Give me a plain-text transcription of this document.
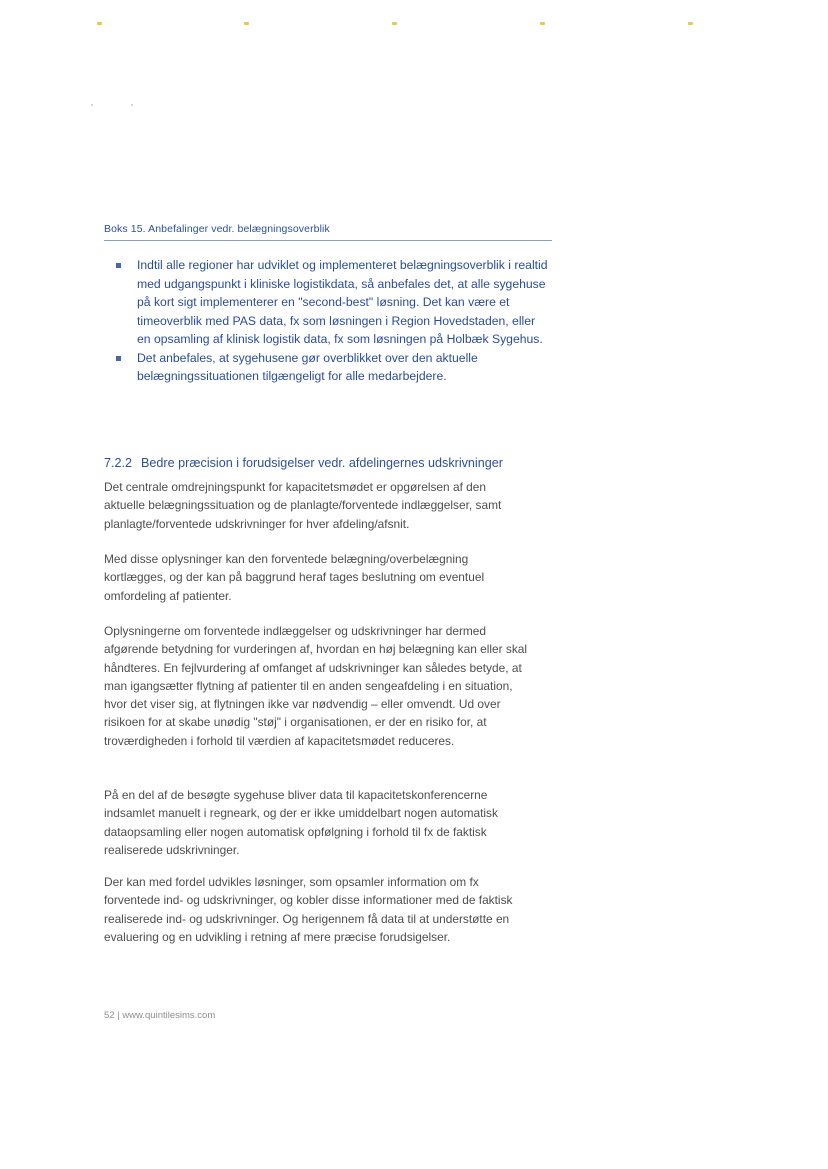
Boks 15. Anbefalinger vedr. belægningsoverblik
Indtil alle regioner har udviklet og implementeret belægningsoverblik i realtid med udgangspunkt i kliniske logistikdata, så anbefales det, at alle sygehuse på kort sigt implementerer en "second-best" løsning. Det kan være et timeoverblik med PAS data, fx som løsningen i Region Hovedstaden, eller en opsamling af klinisk logistik data, fx som løsningen på Holbæk Sygehus.
Det anbefales, at sygehusene gør overblikket over den aktuelle belægningssituationen tilgængeligt for alle medarbejdere.
7.2.2 Bedre præcision i forudsigelser vedr. afdelingernes udskrivninger

Det centrale omdrejningspunkt for kapacitetsmødet er opgørelsen af den aktuelle belægningssituation og de planlagte/forventede indlæggelser, samt planlagte/forventede udskrivninger for hver afdeling/afsnit.

Med disse oplysninger kan den forventede belægning/overbelægning kortlægges, og der kan på baggrund heraf tages beslutning om eventuel omfordeling af patienter.

Oplysningerne om forventede indlæggelser og udskrivninger har dermed afgørende betydning for vurderingen af, hvordan en høj belægning kan eller skal håndteres. En fejlvurdering af omfanget af udskrivninger kan således betyde, at man igangsætter flytning af patienter til en anden sengeafdeling i en situation, hvor det viser sig, at flytningen ikke var nødvendig – eller omvendt. Ud over risikoen for at skabe unødig "støj" i organisationen, er der en risiko for, at troværdigheden i forhold til værdien af kapacitetsmødet reduceres.

På en del af de besøgte sygehuse bliver data til kapacitetskonferencerne indsamlet manuelt i regneark, og der er ikke umiddelbart nogen automatisk dataopsamling eller nogen automatisk opfølgning i forhold til fx de faktisk realiserede udskrivninger.

Der kan med fordel udvikles løsninger, som opsamler information om fx forventede ind- og udskrivninger, og kobler disse informationer med de faktisk realiserede ind- og udskrivninger. Og herigennem få data til at understøtte en evaluering og en udvikling i retning af mere præcise forudsigelser.

52 | www.quintilesims.com
